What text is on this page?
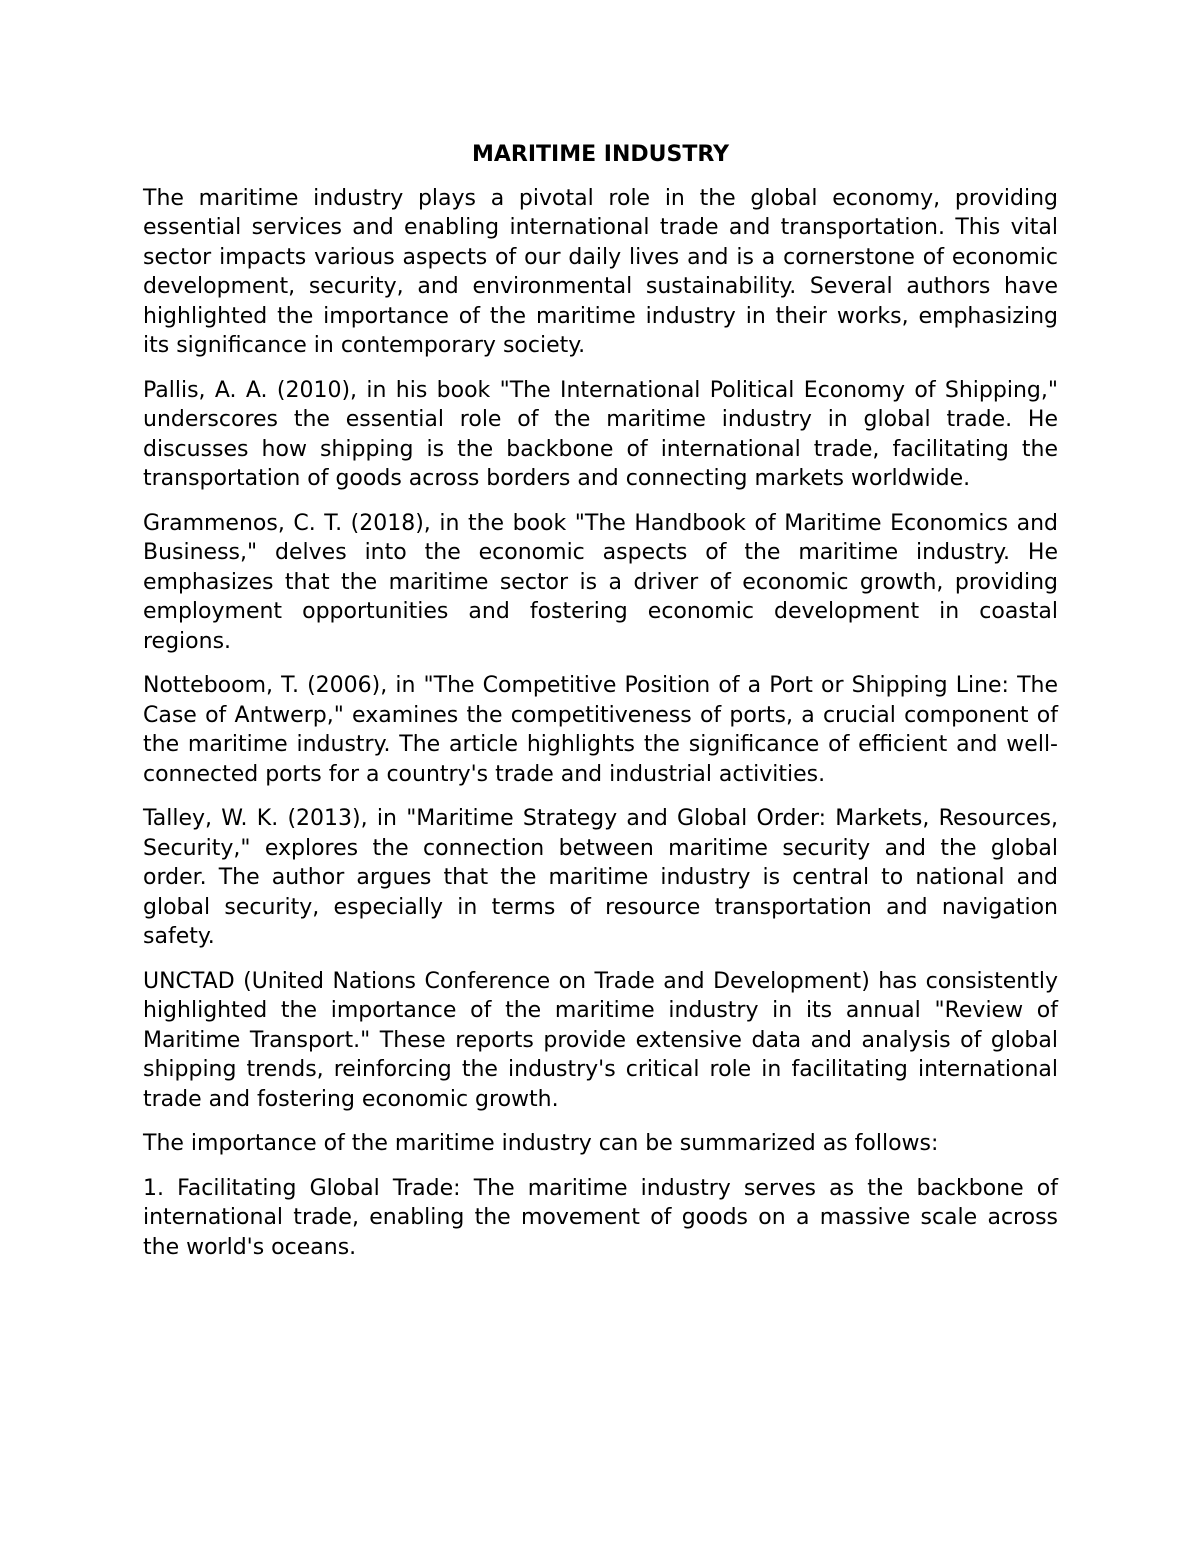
MARITIME INDUSTRY

The maritime industry plays a pivotal role in the global economy, providing essential services and enabling international trade and transportation. This vital sector impacts various aspects of our daily lives and is a cornerstone of economic development, security, and environmental sustainability. Several authors have highlighted the importance of the maritime industry in their works, emphasizing its significance in contemporary society.

Pallis, A. A. (2010), in his book "The International Political Economy of Shipping," underscores the essential role of the maritime industry in global trade. He discusses how shipping is the backbone of international trade, facilitating the transportation of goods across borders and connecting markets worldwide.

Grammenos, C. T. (2018), in the book "The Handbook of Maritime Economics and Business," delves into the economic aspects of the maritime industry. He emphasizes that the maritime sector is a driver of economic growth, providing employment opportunities and fostering economic development in coastal regions.

Notteboom, T. (2006), in "The Competitive Position of a Port or Shipping Line: The Case of Antwerp," examines the competitiveness of ports, a crucial component of the maritime industry. The article highlights the significance of efficient and well-connected ports for a country's trade and industrial activities.

Talley, W. K. (2013), in "Maritime Strategy and Global Order: Markets, Resources, Security," explores the connection between maritime security and the global order. The author argues that the maritime industry is central to national and global security, especially in terms of resource transportation and navigation safety.

UNCTAD (United Nations Conference on Trade and Development) has consistently highlighted the importance of the maritime industry in its annual "Review of Maritime Transport." These reports provide extensive data and analysis of global shipping trends, reinforcing the industry's critical role in facilitating international trade and fostering economic growth.

The importance of the maritime industry can be summarized as follows:

1. Facilitating Global Trade: The maritime industry serves as the backbone of international trade, enabling the movement of goods on a massive scale across the world's oceans.
